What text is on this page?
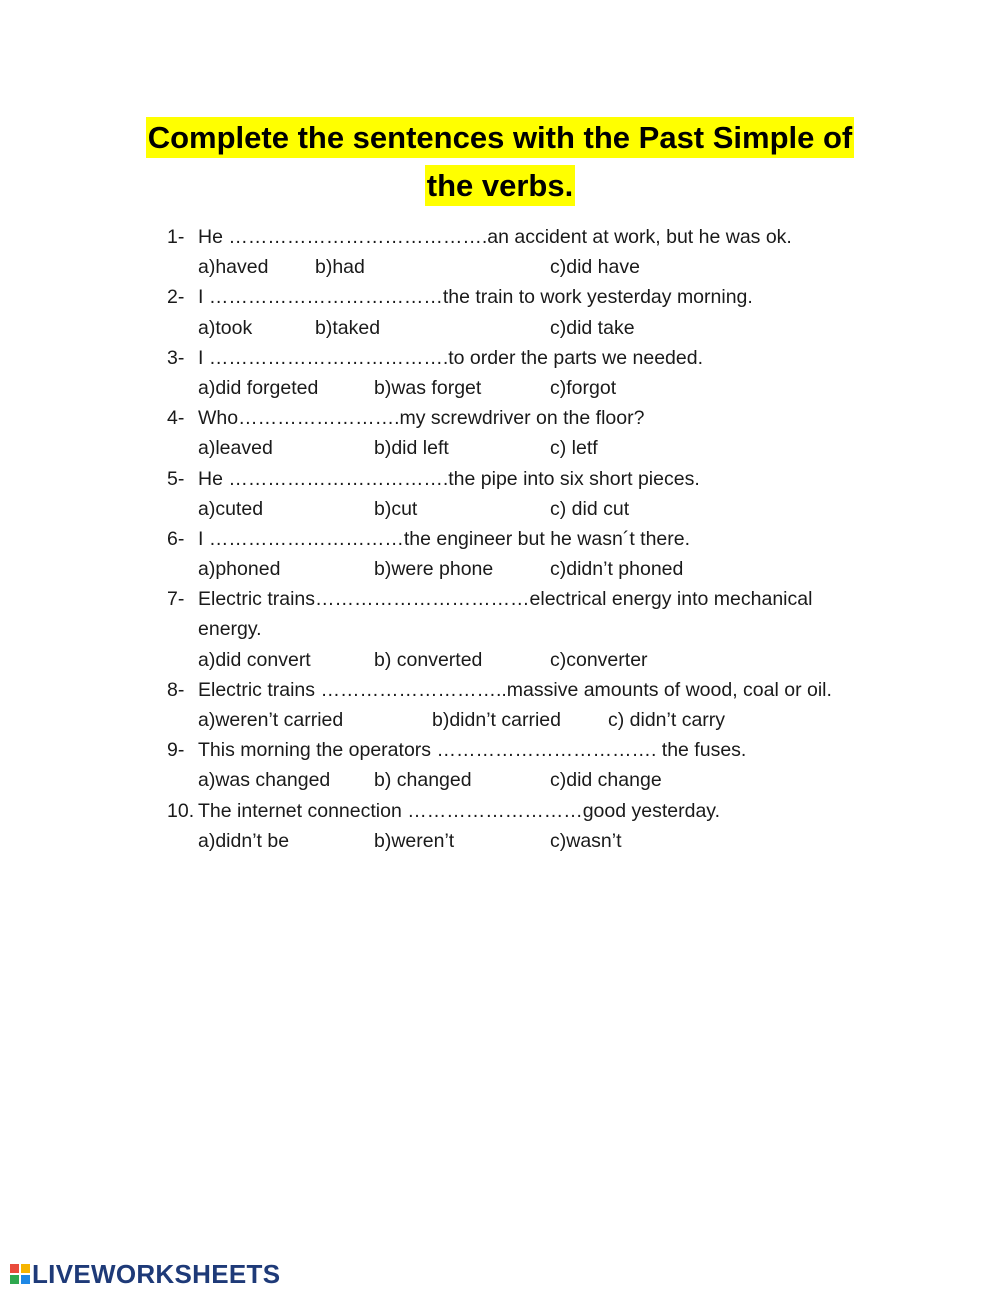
Complete the sentences with the Past Simple of
the verbs.
1- He ………………………………….an accident at work, but he was ok.
a)haved b)had	c)did have
2- I ………………………………the train to work yesterday morning.
a)took	b)taked	c)did take
3- I ……………………………….to order the parts we needed.
a)did forgeted	b)was forget	c)forgot
4- Who…………………….my screwdriver on the floor?
a)leaved	b)did left	c) letf
5- He …………………………….the pipe into six short pieces.
a)cuted	b)cut	c) did cut
6- I …………………………the engineer but he wasn´t there.
a)phoned	b)were phone	c)didn’t phoned
7- Electric trains……………………………electrical energy into mechanical
energy.
a)did convert	b) converted	c)converter
8- Electric trains ………………………..massive amounts of wood, coal or oil.
a)weren’t carried	b)didn’t carried c) didn’t carry
9- This morning the operators ……………………………. the fuses.
a)was changed b) changed	c)did change
10. The internet connection ………………………good yesterday.
a)didn’t be	b)weren’t	c)wasn’t
LIVEWORKSHEETS
